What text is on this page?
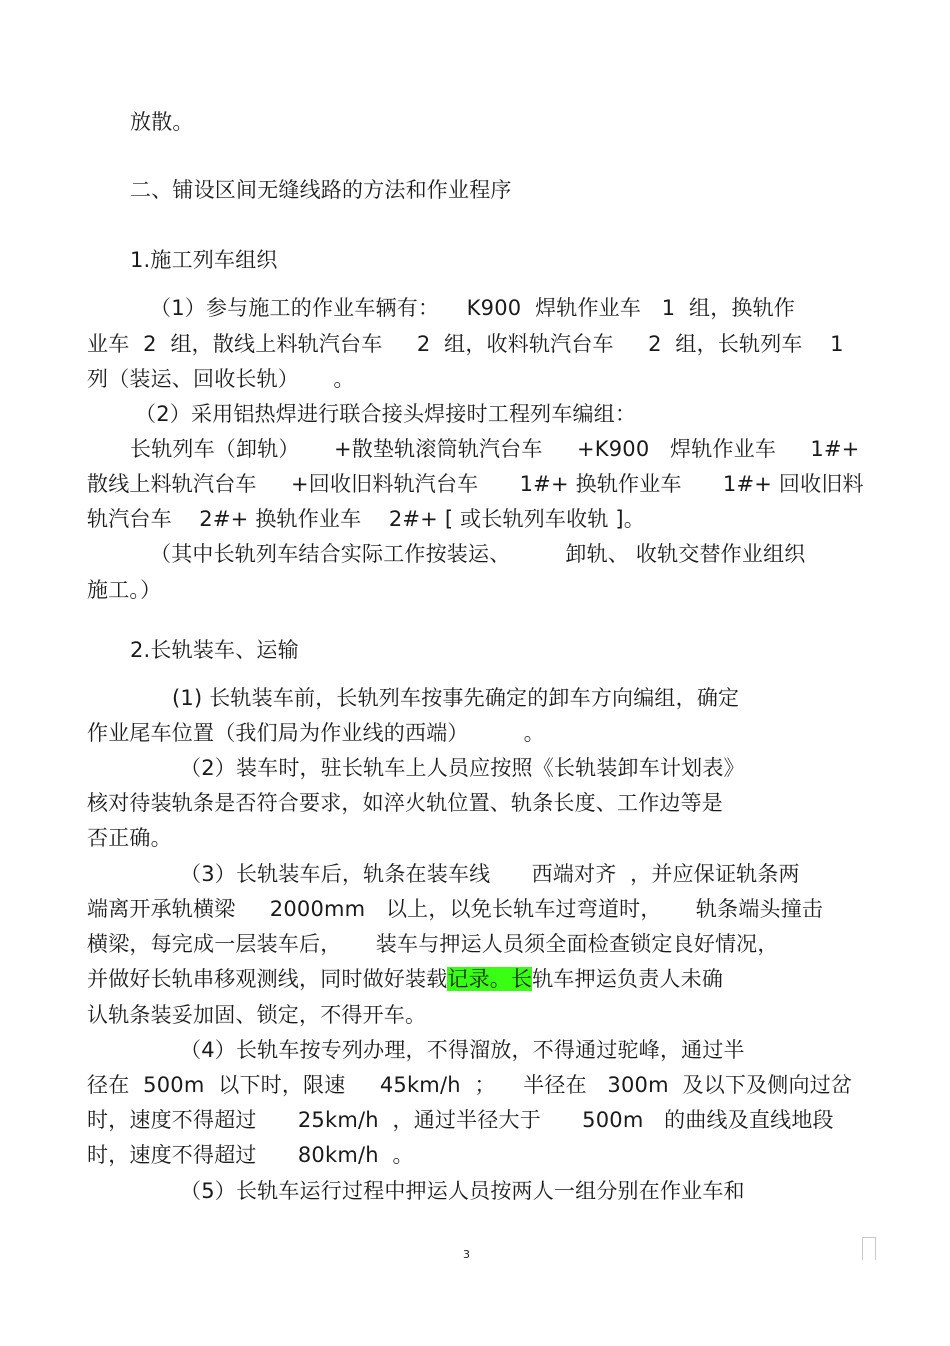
放散。
二、铺设区间无缝线路的方法和作业程序
1.施工列车组织
（1）参与施工的作业车辆有：    K900  焊轨作业车   1  组，换轨作
业车  2  组，散线上料轨汽台车     2  组，收料轨汽台车     2  组，长轨列车    1
列（装运、回收长轨）     。
（2）采用铝热焊进行联合接头焊接时工程列车编组：
长轨列车（卸轨）     +散垫轨滚筒轨汽台车     +K900   焊轨作业车     1#+
散线上料轨汽台车     +回收旧料轨汽台车      1#+ 换轨作业车      1#+ 回收旧料
轨汽台车    2#+ 换轨作业车    2#+ [ 或长轨列车收轨 ]。
（其中长轨列车结合实际工作按装运、        卸轨、 收轨交替作业组织
施工。）
2.长轨装车、运输
(1) 长轨装车前，长轨列车按事先确定的卸车方向编组，确定
作业尾车位置（我们局为作业线的西端）        。
（2）装车时，驻长轨车上人员应按照《长轨装卸车计划表》
核对待装轨条是否符合要求，如淬火轨位置、轨条长度、工作边等是
否正确。
（3）长轨装车后，轨条在装车线      西端对齐  ，并应保证轨条两
端离开承轨横梁     2000mm   以上，以免长轨车过弯道时，     轨条端头撞击
横梁，每完成一层装车后，     装车与押运人员须全面检查锁定良好情况，
并做好长轨串移观测线，同时做好装载记录。长轨车押运负责人未确
认轨条装妥加固、锁定，不得开车。
（4）长轨车按专列办理，不得溜放，不得通过驼峰，通过半
径在  500m  以下时，限速     45km/h  ；    半径在   300m  及以下及侧向过岔
时，速度不得超过      25km/h  ，通过半径大于      500m   的曲线及直线地段
时，速度不得超过      80km/h  。
（5）长轨车运行过程中押运人员按两人一组分别在作业车和
3
